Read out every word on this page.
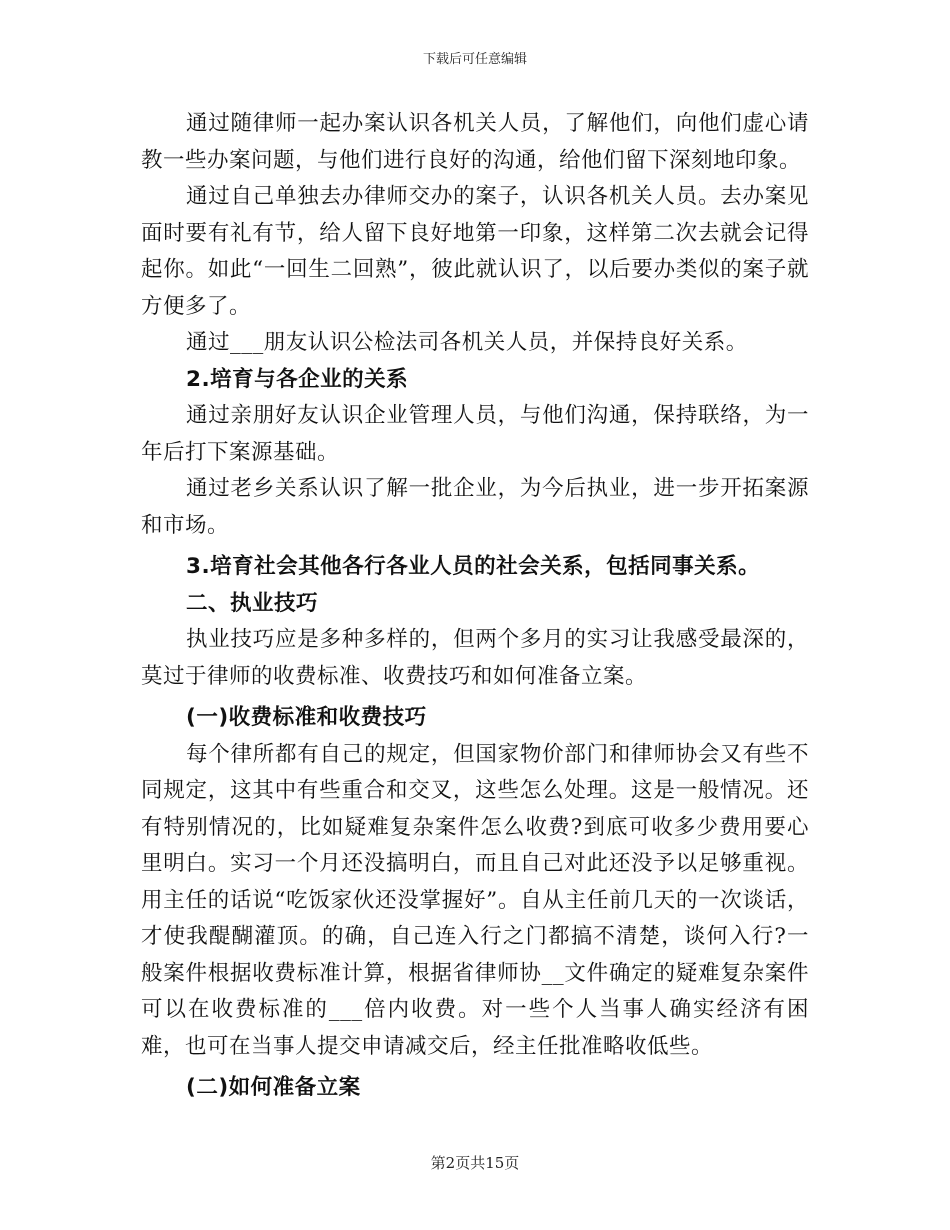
下载后可任意编辑

通过随律师一起办案认识各机关人员，了解他们，向他们虚心请教一些办案问题，与他们进行良好的沟通，给他们留下深刻地印象。

通过自己单独去办律师交办的案子，认识各机关人员。去办案见面时要有礼有节，给人留下良好地第一印象，这样第二次去就会记得起你。如此“一回生二回熟”，彼此就认识了，以后要办类似的案子就方便多了。

通过___朋友认识公检法司各机关人员，并保持良好关系。

2.培育与各企业的关系

通过亲朋好友认识企业管理人员，与他们沟通，保持联络，为一年后打下案源基础。

通过老乡关系认识了解一批企业，为今后执业，进一步开拓案源和市场。

3.培育社会其他各行各业人员的社会关系，包括同事关系。

二、执业技巧

执业技巧应是多种多样的，但两个多月的实习让我感受最深的，莫过于律师的收费标准、收费技巧和如何准备立案。

(一)收费标准和收费技巧

每个律所都有自己的规定，但国家物价部门和律师协会又有些不同规定，这其中有些重合和交叉，这些怎么处理。这是一般情况。还有特别情况的，比如疑难复杂案件怎么收费?到底可收多少费用要心里明白。实习一个月还没搞明白，而且自己对此还没予以足够重视。用主任的话说“吃饭家伙还没掌握好”。自从主任前几天的一次谈话，才使我醍醐灌顶。的确，自己连入行之门都搞不清楚，谈何入行?一般案件根据收费标准计算，根据省律师协__文件确定的疑难复杂案件可以在收费标准的___倍内收费。对一些个人当事人确实经济有困难，也可在当事人提交申请减交后，经主任批准略收低些。

(二)如何准备立案

第2页共15页
